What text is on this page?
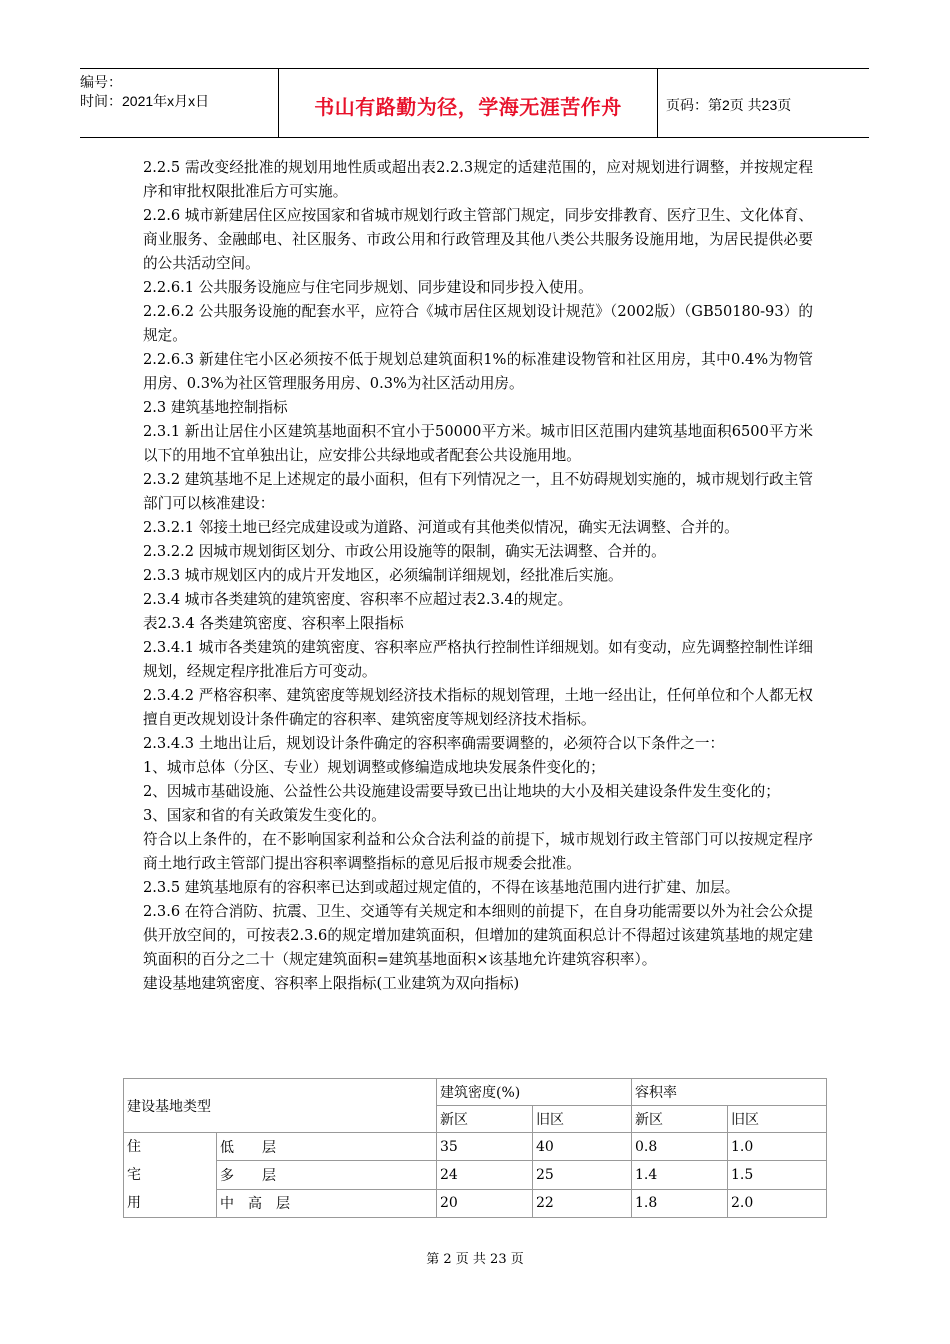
编号：
时间：2021年x月x日	书山有路勤为径，学海无涯苦作舟	页码：第2页 共23页

2.2.5 需改变经批准的规划用地性质或超出表2.2.3规定的适建范围的，应对规划进行调整，并按规定程序和审批权限批准后方可实施。

2.2.6 城市新建居住区应按国家和省城市规划行政主管部门规定，同步安排教育、医疗卫生、文化体育、商业服务、金融邮电、社区服务、市政公用和行政管理及其他八类公共服务设施用地，为居民提供必要的公共活动空间。

2.2.6.1 公共服务设施应与住宅同步规划、同步建设和同步投入使用。

2.2.6.2 公共服务设施的配套水平，应符合《城市居住区规划设计规范》（2002版）（GB50180-93）的规定。

2.2.6.3 新建住宅小区必须按不低于规划总建筑面积1%的标准建设物管和社区用房，其中0.4%为物管用房、0.3%为社区管理服务用房、0.3%为社区活动用房。

2.3 建筑基地控制指标

2.3.1 新出让居住小区建筑基地面积不宜小于50000平方米。城市旧区范围内建筑基地面积6500平方米以下的用地不宜单独出让，应安排公共绿地或者配套公共设施用地。

2.3.2 建筑基地不足上述规定的最小面积，但有下列情况之一，且不妨碍规划实施的，城市规划行政主管部门可以核准建设：

2.3.2.1 邻接土地已经完成建设或为道路、河道或有其他类似情况，确实无法调整、合并的。

2.3.2.2 因城市规划街区划分、市政公用设施等的限制，确实无法调整、合并的。

2.3.3 城市规划区内的成片开发地区，必须编制详细规划，经批准后实施。

2.3.4 城市各类建筑的建筑密度、容积率不应超过表2.3.4的规定。

表2.3.4 各类建筑密度、容积率上限指标

2.3.4.1 城市各类建筑的建筑密度、容积率应严格执行控制性详细规划。如有变动，应先调整控制性详细规划，经规定程序批准后方可变动。

2.3.4.2 严格容积率、建筑密度等规划经济技术指标的规划管理，土地一经出让，任何单位和个人都无权擅自更改规划设计条件确定的容积率、建筑密度等规划经济技术指标。

2.3.4.3 土地出让后，规划设计条件确定的容积率确需要调整的，必须符合以下条件之一：

1、城市总体（分区、专业）规划调整或修编造成地块发展条件变化的；

2、因城市基础设施、公益性公共设施建设需要导致已出让地块的大小及相关建设条件发生变化的；

3、国家和省的有关政策发生变化的。

符合以上条件的，在不影响国家利益和公众合法利益的前提下，城市规划行政主管部门可以按规定程序商土地行政主管部门提出容积率调整指标的意见后报市规委会批准。

2.3.5 建筑基地原有的容积率已达到或超过规定值的，不得在该基地范围内进行扩建、加层。

2.3.6 在符合消防、抗震、卫生、交通等有关规定和本细则的前提下，在自身功能需要以外为社会公众提供开放空间的，可按表2.3.6的规定增加建筑面积，但增加的建筑面积总计不得超过该建筑基地的规定建筑面积的百分之二十（规定建筑面积=建筑基地面积×该基地允许建筑容积率）。

建设基地建筑密度、容积率上限指标(工业建筑为双向指标)

建设基地类型		建筑密度(%)		容积率	
		新区	旧区	新区	旧区

住
宅
用	低　　层	35	40	0.8	1.0
	多　　层	24	25	1.4	1.5
	中　高　层	20	22	1.8	2.0
第 2 页 共 23 页
